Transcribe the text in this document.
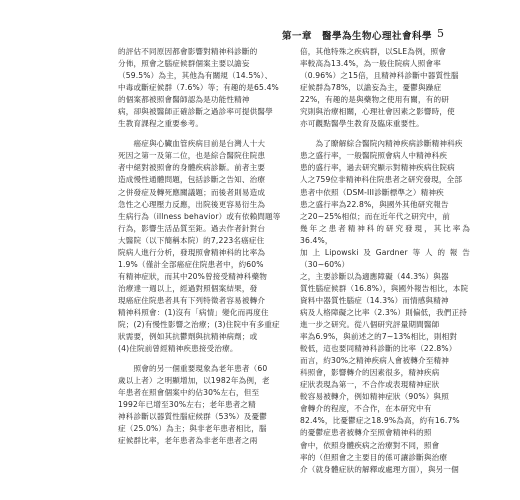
第一章　醫學為生物心理社會科學 5

的評估不同原因都會影響對精神科診斷的
分佈，照會之腦症候群個案主要以譫妄
（59.5%）為主，其他為有關規（14.5%）、
中毒或斷症候群（7.6%）等；有趣的是65.4%
的個案都被照會醫師認為是功能性精神
病，卻與被醫師正確診斷之過診率可提供醫學
生教育課程之重要參考。

　　癌症與心臟血管疾病目前是台灣人十大
死因之第一及第二位，也是綜合醫院住院患
者中絕對被照會的身體疾病診斷。前者主要
造成慢性通體問題，包括診斷之告知、治療
之併發症及轉死應關議題；而後者則易造成
急性之心理壓力反應，出院後更容易衍生為
生病行為（illness behavior）或有依賴問題等
行為，影響生活品質至鉅。過去作者針對台
大醫院（以下簡稱本院）的7,223名癌症住
院病人進行分析，發現照會精神科的比率為
1.9%（僅計全部癌症住院患者中，約60%
有精神症狀，而其中20%曾接受精神科藥物
治療達一週以上，經過對照個案結果，發
現癌症住院患者具有下列特徵者容易被轉介
精神科照會：(1)沒有「病情」變化而再度住
院；(2)有慢性影響之治療；(3)住院中有多重症
狀需要，例如其抗鬱劑與抗精神病劑；或
(4)住院前曾經精神疾患接受治療。

　　照會的另一個重要現象為老年患者（60
歲以上者）之明顯增加，以1982年為例，老
年患者在照會個案中約佔30%左右，但至
1992年已增至30%左右；老年患者之精
神科診斷以器質性腦症候群（53%）及憂鬱
症（25.0%）為主；與非老年患者相比，腦
症候群比率，老年患者為非老年患者之兩

倍，其他特殊之疾病群，以SLE為例，照會
率較高為13.4%，為一般住院病人照會率
（0.96%）之15倍，且精神科診斷中器質性腦
症候群為78%，以譫妄為主，憂鬱與躁症
22%，有趣的是與藥物之使用有關，有的研
究則與治療相關，心理社會因素之影響時，使
亦可觀點醫學生教育及臨床重要性。

　　為了瞭解綜合醫院內精神疾病診斷精神科疾
患之盛行率，一般醫院照會病人中精神科疾
患的盛行率，過去研究顯示對精神疾病住院病
人之759位非精神科住院患者之研究發現，全部
患者中依照（DSM-III診斷標準之）精神疾
患之盛行率為22.8%，與國外其他研究報告
之20~25%相似；而在近年代之研究中，前
幾年之患者精神科的研究發現，其比率為36.4%，
加上Lipowski及Gardner等人的報告（30~60%）
之，主要診斷以為適應障礙（44.3%）與器
質性腦症候群（16.8%），與國外報告相比，本院
資料中器質性腦症（14.3%）而情感與精神
病及人格障礙之比率（2.3%）則偏低，我們正持
進一步之研究。從八個研究評量期間醫師
率為6.9%，與前述之的7~13%相比，則相對
較低，這也要同精神科診斷的比率（22.8%）
而言，約30%之精神疾病人會被轉介至精神
科照會，影響轉介的因素很多，精神疾病
症狀表現為第一，不合作或表現精神症狀
較容易被轉介，例如精神症狀（90%）與照
會轉介的程度，不合作，在本研究中有
82.4%，比憂鬱症之18.9%為高，約有16.7%
的憂鬱症患者被轉介至照會精神科的照
會中，依照身體疾病之治療對不同，照會
率的（但照會之主要目的係可讓診斷與治療
介（就身體症狀的解釋或處理方面），與另一個
